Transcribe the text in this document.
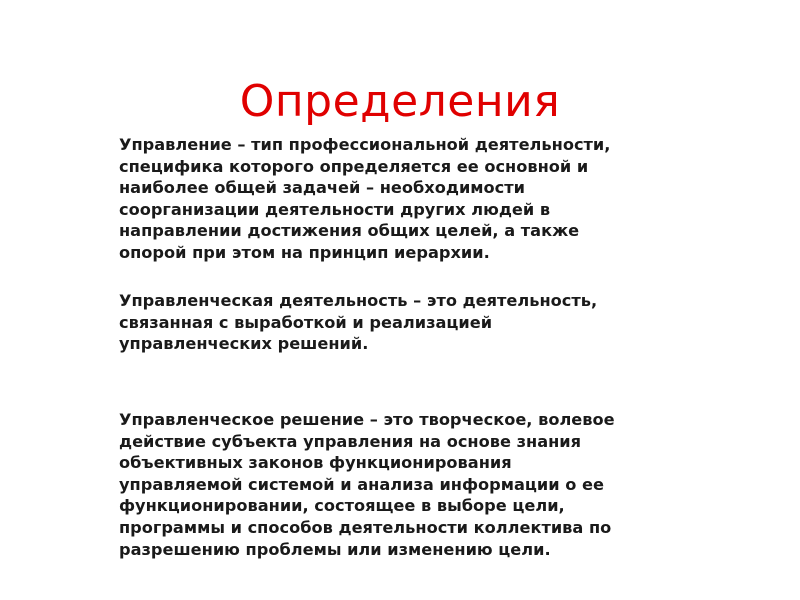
Определения

Управление – тип профессиональной деятельности,
специфика которого определяется ее основной и
наиболее общей задачей – необходимости
соорганизации деятельности других людей в
направлении достижения общих целей, а также
опорой при этом на принцип иерархии.

Управленческая деятельность – это деятельность,
связанная с выработкой и реализацией
управленческих решений.

Управленческое решение – это творческое, волевое
действие субъекта управления на основе знания
объективных законов функционирования
управляемой системой и анализа информации о ее
функционировании, состоящее в выборе цели,
программы и способов деятельности коллектива по
разрешению проблемы или изменению цели.
